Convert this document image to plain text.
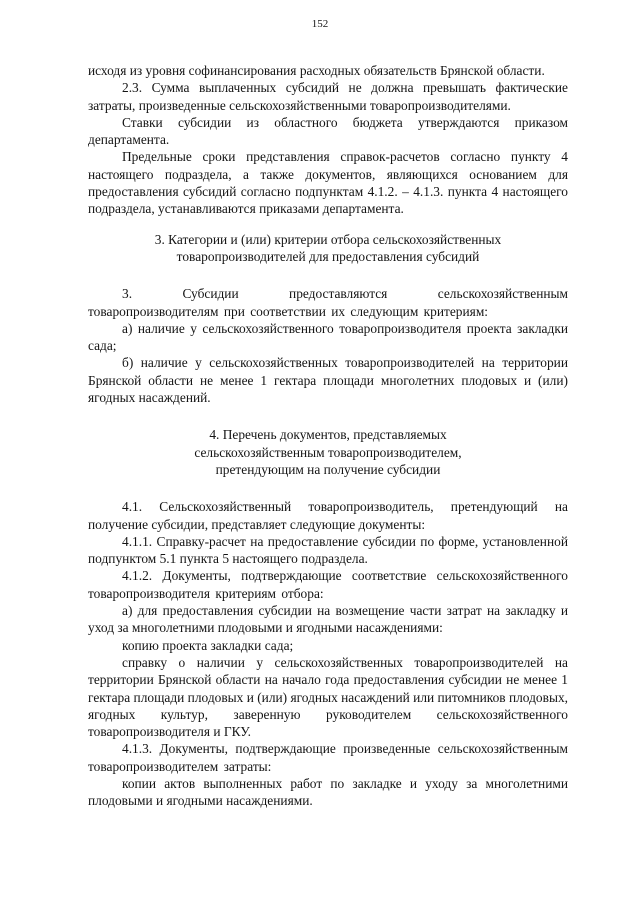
152

исходя из уровня софинансирования расходных обязательств Брянской области.

2.3. Сумма выплаченных субсидий не должна превышать фактические затраты, произведенные сельскохозяйственными товаропроизводителями.

Ставки субсидии из областного бюджета утверждаются приказом департамента.

Предельные сроки представления справок-расчетов согласно пункту 4 настоящего подраздела, а также документов, являющихся основанием для предоставления субсидий согласно подпунктам 4.1.2. – 4.1.3. пункта 4 настоящего подраздела, устанавливаются приказами департамента.

3. Категории и (или) критерии отбора сельскохозяйственных товаропроизводителей для предоставления субсидий

3. Субсидии предоставляются сельскохозяйственным товаропроизводителям при соответствии их следующим критериям:

а) наличие у сельскохозяйственного товаропроизводителя проекта закладки сада;

б) наличие у сельскохозяйственных товаропроизводителей на территории Брянской области не менее 1 гектара площади многолетних плодовых и (или) ягодных насаждений.

4. Перечень документов, представляемых сельскохозяйственным товаропроизводителем, претендующим на получение субсидии

4.1. Сельскохозяйственный товаропроизводитель, претендующий на получение субсидии, представляет следующие документы:

4.1.1. Справку-расчет на предоставление субсидии по форме, установленной подпунктом 5.1 пункта 5 настоящего подраздела.

4.1.2. Документы, подтверждающие соответствие сельскохозяйственного товаропроизводителя критериям отбора:

а) для предоставления субсидии на возмещение части затрат на закладку и уход за многолетними плодовыми и ягодными насаждениями:

копию проекта закладки сада;

справку о наличии у сельскохозяйственных товаропроизводителей на территории Брянской области на начало года предоставления субсидии не менее 1 гектара площади плодовых и (или) ягодных насаждений или питомников плодовых, ягодных культур, заверенную руководителем сельскохозяйственного товаропроизводителя и ГКУ.

4.1.3. Документы, подтверждающие произведенные сельскохозяйственным товаропроизводителем затраты:

копии актов выполненных работ по закладке и уходу за многолетними плодовыми и ягодными насаждениями.
